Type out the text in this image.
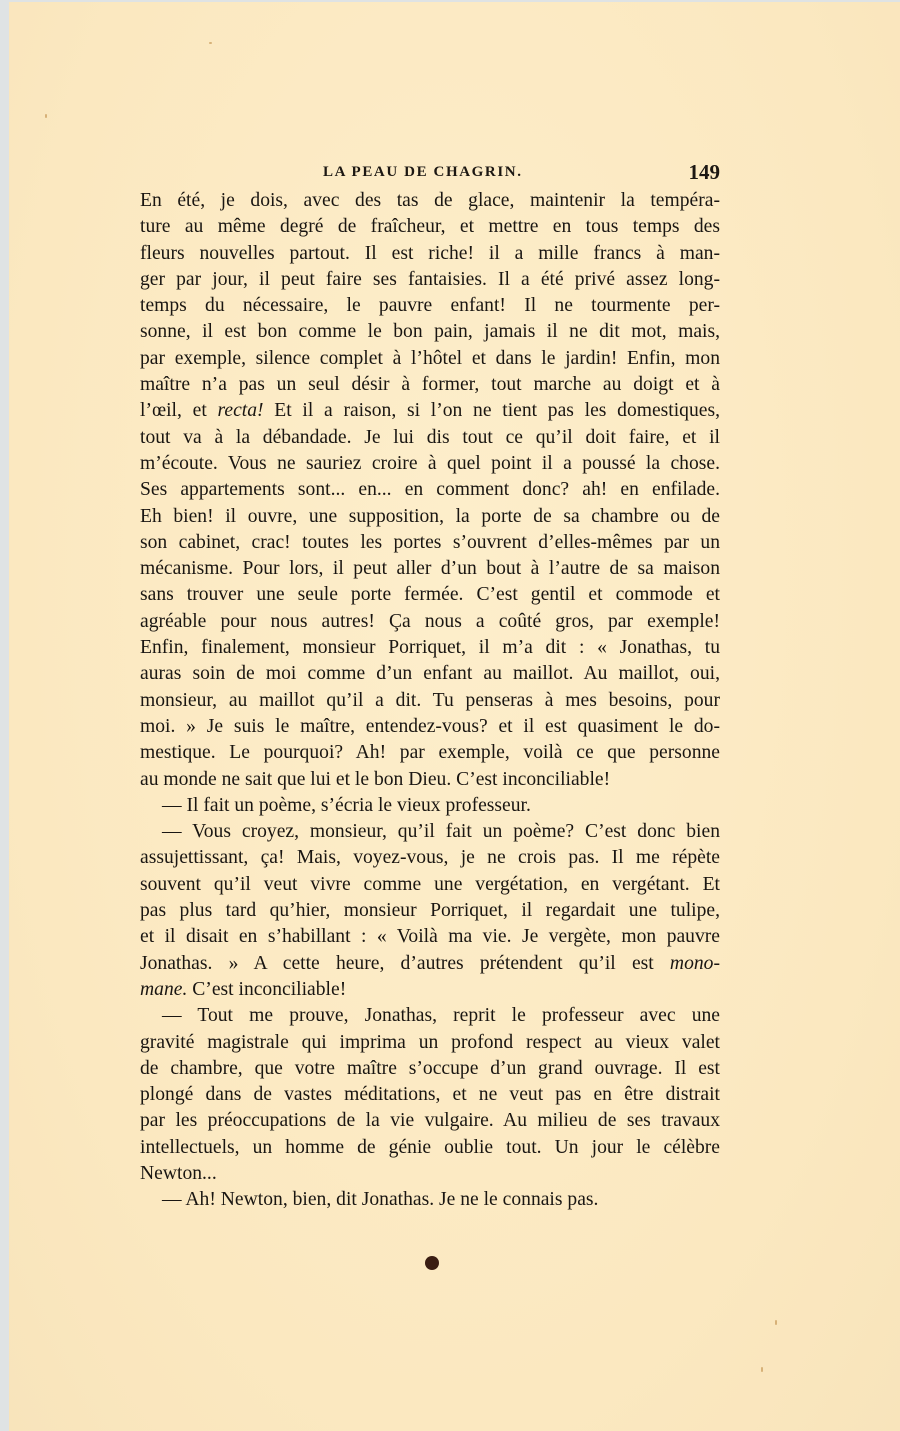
LA PEAU DE CHAGRIN.	149

En été, je dois, avec des tas de glace, maintenir la tempéra-
ture au même degré de fraîcheur, et mettre en tous temps des
fleurs nouvelles partout. Il est riche! il a mille francs à man-
ger par jour, il peut faire ses fantaisies. Il a été privé assez long-
temps du nécessaire, le pauvre enfant! Il ne tourmente per-
sonne, il est bon comme le bon pain, jamais il ne dit mot, mais,
par exemple, silence complet à l’hôtel et dans le jardin! Enfin, mon
maître n’a pas un seul désir à former, tout marche au doigt et à
l’œil, et recta! Et il a raison, si l’on ne tient pas les domestiques,
tout va à la débandade. Je lui dis tout ce qu’il doit faire, et il
m’écoute. Vous ne sauriez croire à quel point il a poussé la chose.
Ses appartements sont... en... en comment donc? ah! en enfilade.
Eh bien! il ouvre, une supposition, la porte de sa chambre ou de
son cabinet, crac! toutes les portes s’ouvrent d’elles-mêmes par un
mécanisme. Pour lors, il peut aller d’un bout à l’autre de sa maison
sans trouver une seule porte fermée. C’est gentil et commode et
agréable pour nous autres! Ça nous a coûté gros, par exemple!
Enfin, finalement, monsieur Porriquet, il m’a dit : « Jonathas, tu
auras soin de moi comme d’un enfant au maillot. Au maillot, oui,
monsieur, au maillot qu’il a dit. Tu penseras à mes besoins, pour
moi. » Je suis le maître, entendez-vous? et il est quasiment le do-
mestique. Le pourquoi? Ah! par exemple, voilà ce que personne
au monde ne sait que lui et le bon Dieu. C’est inconciliable!

— Il fait un poème, s’écria le vieux professeur.

— Vous croyez, monsieur, qu’il fait un poème? C’est donc bien
assujettissant, ça! Mais, voyez-vous, je ne crois pas. Il me répète
souvent qu’il veut vivre comme une vergétation, en vergétant. Et
pas plus tard qu’hier, monsieur Porriquet, il regardait une tulipe,
et il disait en s’habillant : « Voilà ma vie. Je vergète, mon pauvre
Jonathas. » A cette heure, d’autres prétendent qu’il est mono-
mane. C’est inconciliable!

— Tout me prouve, Jonathas, reprit le professeur avec une
gravité magistrale qui imprima un profond respect au vieux valet
de chambre, que votre maître s’occupe d’un grand ouvrage. Il est
plongé dans de vastes méditations, et ne veut pas en être distrait
par les préoccupations de la vie vulgaire. Au milieu de ses travaux
intellectuels, un homme de génie oublie tout. Un jour le célèbre
Newton...

— Ah! Newton, bien, dit Jonathas. Je ne le connais pas.
